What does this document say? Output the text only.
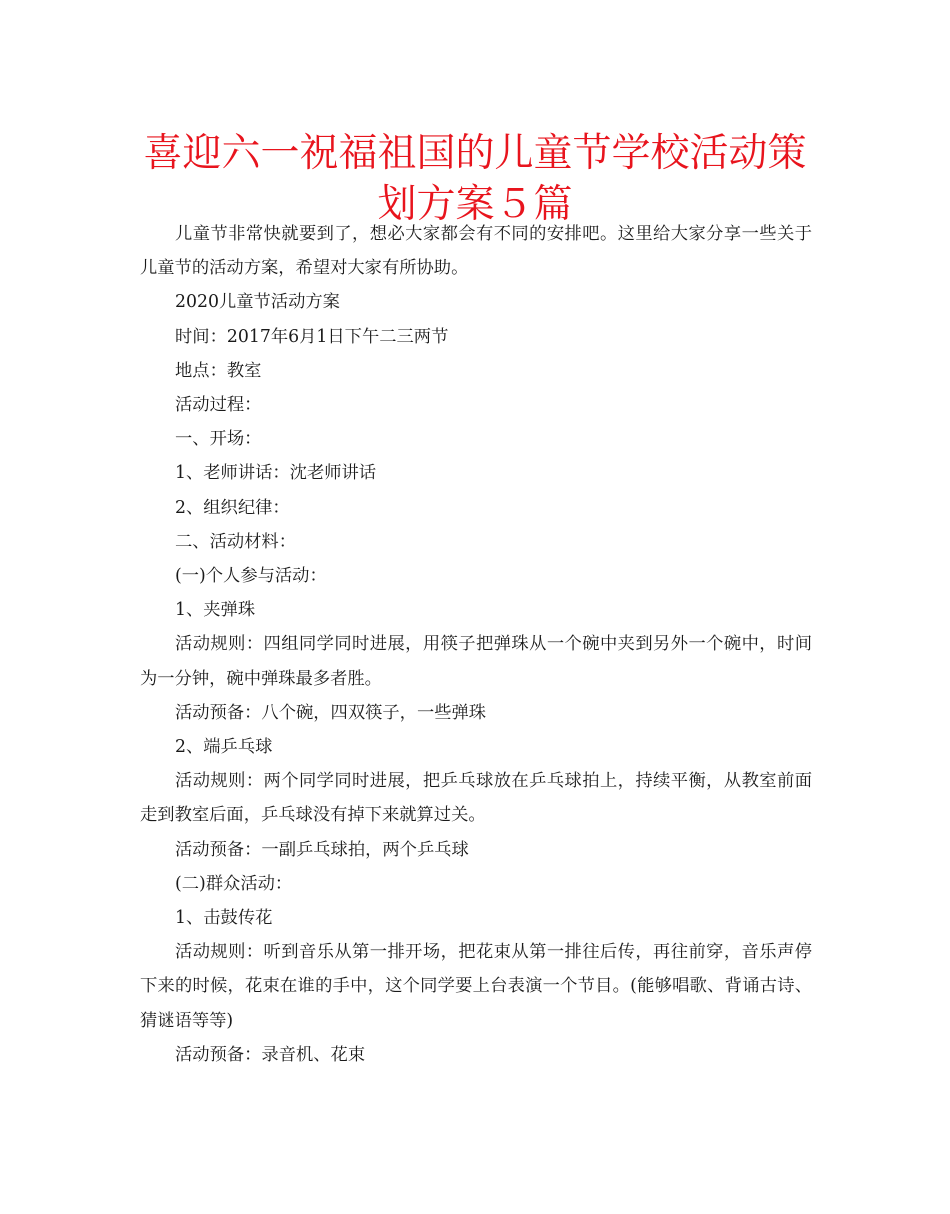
喜迎六一祝福祖国的儿童节学校活动策划方案５篇

儿童节非常快就要到了，想必大家都会有不同的安排吧。这里给大家分享一些关于儿童节的活动方案，希望对大家有所协助。

2020儿童节活动方案

时间：2017年6月1日下午二三两节

地点：教室

活动过程：

一、开场：

1、老师讲话：沈老师讲话

2、组织纪律：

二、活动材料：

(一)个人参与活动：

1、夹弹珠

活动规则：四组同学同时进展，用筷子把弹珠从一个碗中夹到另外一个碗中，时间为一分钟，碗中弹珠最多者胜。

活动预备：八个碗，四双筷子，一些弹珠

2、端乒乓球

活动规则：两个同学同时进展，把乒乓球放在乒乓球拍上，持续平衡，从教室前面走到教室后面，乒乓球没有掉下来就算过关。

活动预备：一副乒乓球拍，两个乒乓球

(二)群众活动：

1、击鼓传花

活动规则：听到音乐从第一排开场，把花束从第一排往后传，再往前穿，音乐声停下来的时候，花束在谁的手中，这个同学要上台表演一个节目。(能够唱歌、背诵古诗、猜谜语等等)

活动预备：录音机、花束
